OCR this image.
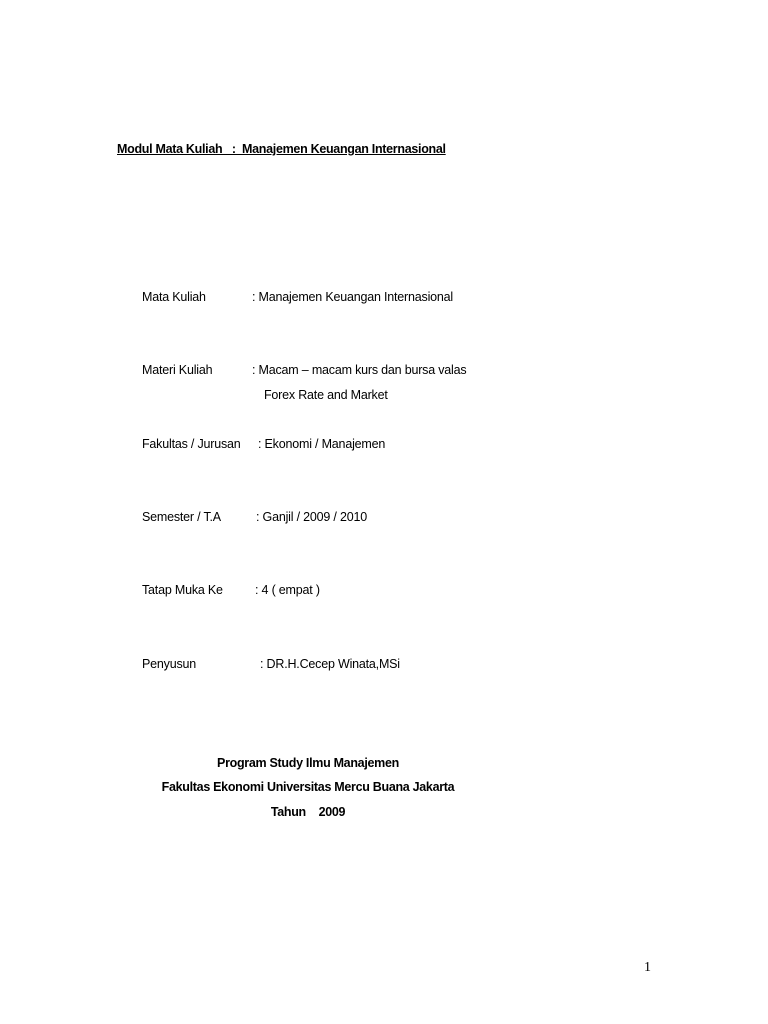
Modul Mata Kuliah   :  Manajemen Keuangan Internasional

Mata Kuliah

	: Manajemen Keuangan Internasional

Materi Kuliah

	: Macam – macam kurs dan bursa valas

Forex Rate and Market

Fakultas / Jurusan

: Ekonomi / Manajemen

Semester / T.A

	: Ganjil / 2009 / 2010

Tatap Muka Ke

	: 4 ( empat )

Penyusun

	: DR.H.Cecep Winata,MSi

Program Study Ilmu Manajemen
Fakultas Ekonomi Universitas Mercu Buana Jakarta
Tahun    2009
1
